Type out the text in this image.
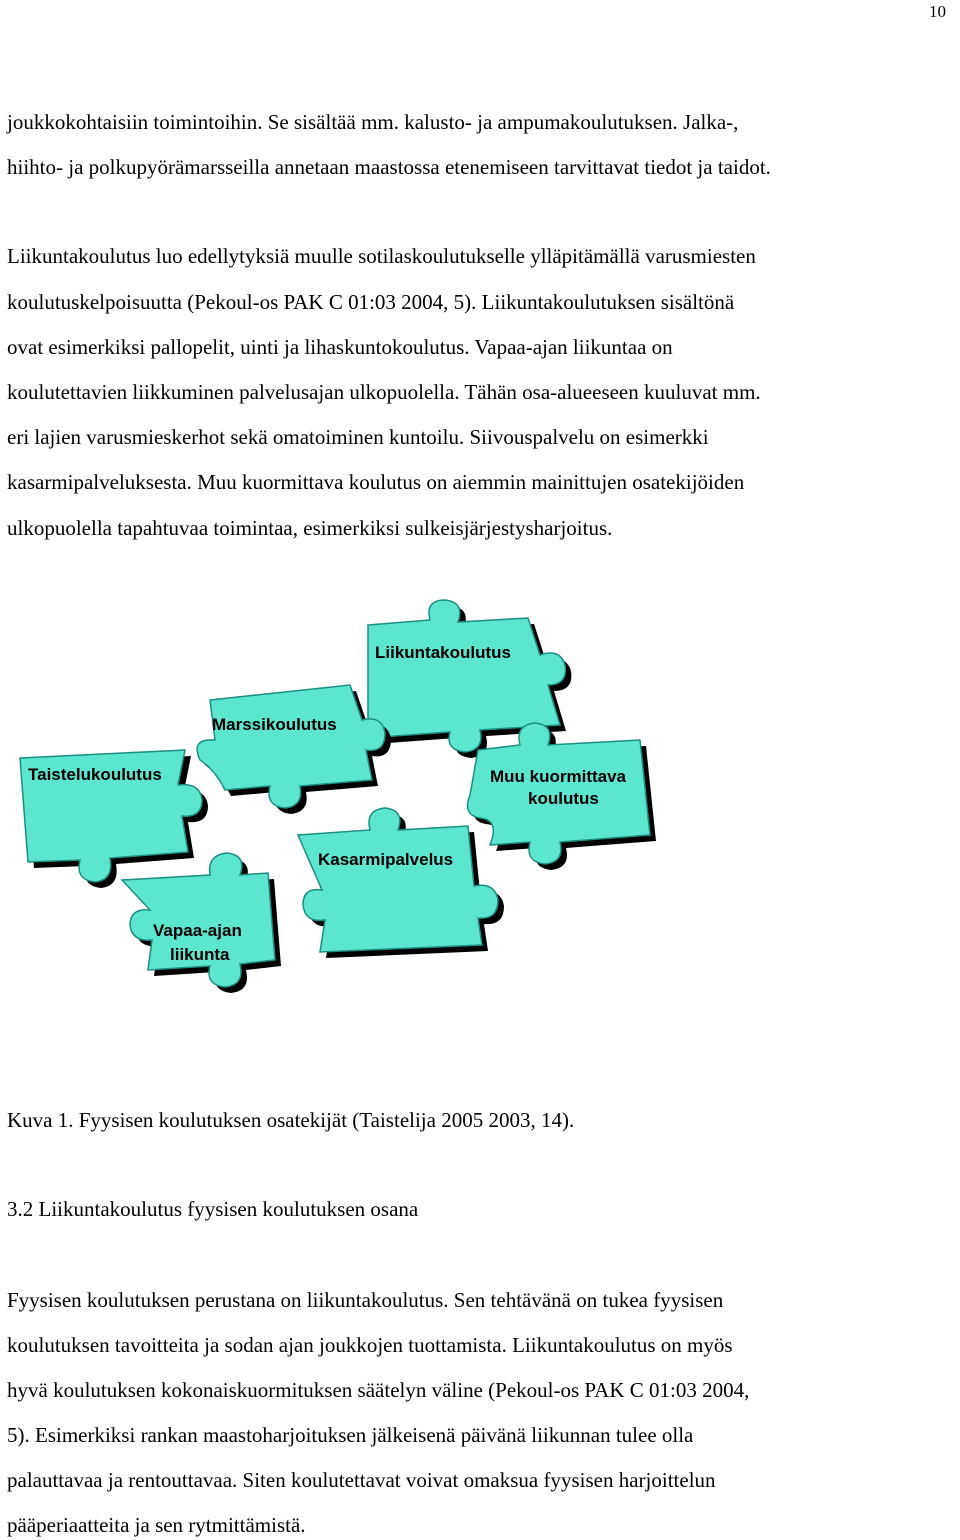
10
joukkokohtaisiin toimintoihin. Se sisältää mm. kalusto- ja ampumakoulutuksen. Jalka-,
hiihto- ja polkupyörämarsseilla annetaan maastossa etenemiseen tarvittavat tiedot ja taidot.
Liikuntakoulutus luo edellytyksiä muulle sotilaskoulutukselle ylläpitämällä varusmiesten
koulutuskelpoisuutta (Pekoul-os PAK C 01:03 2004, 5). Liikuntakoulutuksen sisältönä
ovat esimerkiksi pallopelit, uinti ja lihaskuntokoulutus. Vapaa-ajan liikuntaa on
koulutettavien liikkuminen palvelusajan ulkopuolella. Tähän osa-alueeseen kuuluvat mm.
eri lajien varusmieskerhot sekä omatoiminen kuntoilu. Siivouspalvelu on esimerkki
kasarmipalveluksesta. Muu kuormittava koulutus on aiemmin mainittujen osatekijöiden
ulkopuolella tapahtuvaa toimintaa, esimerkiksi sulkeisjärjestysharjoitus.
Liikuntakoulutus
Marssikoulutus
Taistelukoulutus	Muu kuormittava
koulutus
Kasarmipalvelus
Vapaa-ajan
liikunta
Kuva 1. Fyysisen koulutuksen osatekijät (Taistelija 2005 2003, 14).
3.2 Liikuntakoulutus fyysisen koulutuksen osana
Fyysisen koulutuksen perustana on liikuntakoulutus. Sen tehtävänä on tukea fyysisen
koulutuksen tavoitteita ja sodan ajan joukkojen tuottamista. Liikuntakoulutus on myös
hyvä koulutuksen kokonaiskuormituksen säätelyn väline (Pekoul-os PAK C 01:03 2004,
5). Esimerkiksi rankan maastoharjoituksen jälkeisenä päivänä liikunnan tulee olla
palauttavaa ja rentouttavaa. Siten koulutettavat voivat omaksua fyysisen harjoittelun
pääperiaatteita ja sen rytmittämistä.
